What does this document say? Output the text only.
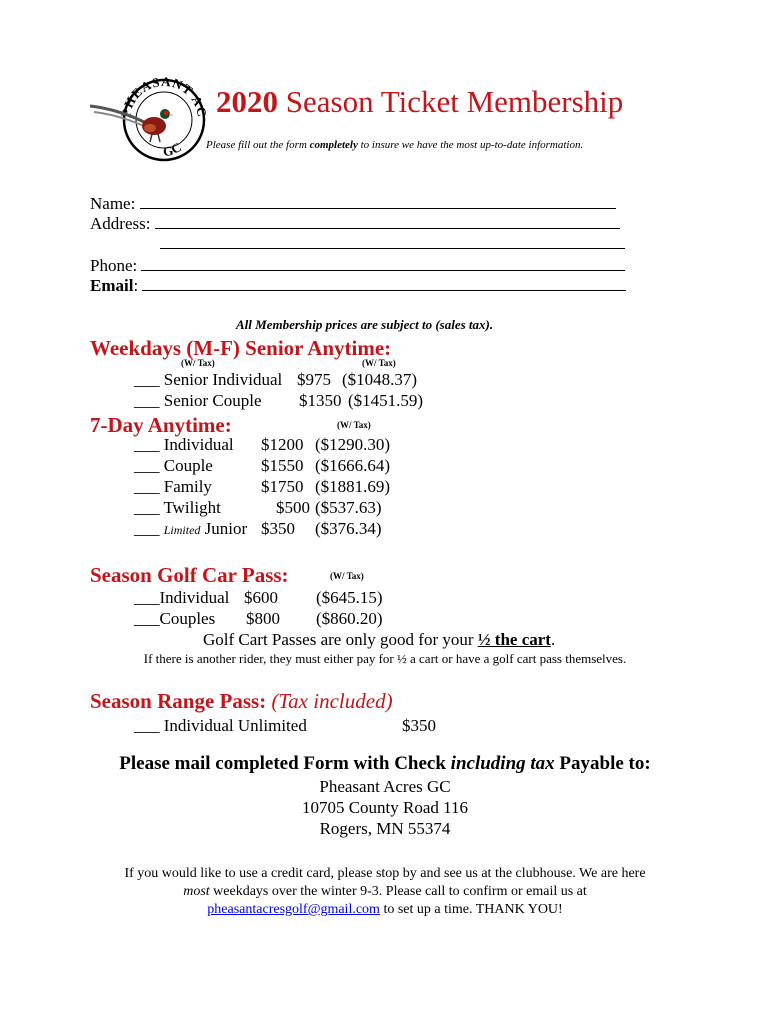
PHEASANT A
GC
2020 Season Ticket Membership
Please fill out the form completely to insure we have the most up-to-date information.
Name:
Address:
Phone:
Email:
All Membership prices are subject to (sales tax).
Weekdays (M-F) Senior Anytime:
(W/ Tax)	(W/ Tax)
___ Senior Individual $975 ($1048.37)
___ Senior Couple $1350 ($1451.59)
7-Day Anytime:	(W/ Tax)
___ Individual $1200 ($1290.30)
___ Couple	$1550 ($1666.64)
___ Family	$1750 ($1881.69)
___ Twilight	$500 ($537.63)
___ Limited Junior $350 ($376.34)
Season Golf Car Pass:	(W/ Tax)
___Individual $600 ($645.15)
___Couples $800 ($860.20)
Golf Cart Passes are only good for your ½ the cart.
If there is another rider, they must either pay for ½ a cart or have a golf cart pass themselves.
Season Range Pass: (Tax included)
___ Individual Unlimited	$350
Please mail completed Form with Check including tax Payable to:
Pheasant Acres GC
10705 County Road 116
Rogers, MN 55374
If you would like to use a credit card, please stop by and see us at the clubhouse. We are here
most weekdays over the winter 9-3. Please call to confirm or email us at
pheasantacresgolf@gmail.com to set up a time. THANK YOU!
